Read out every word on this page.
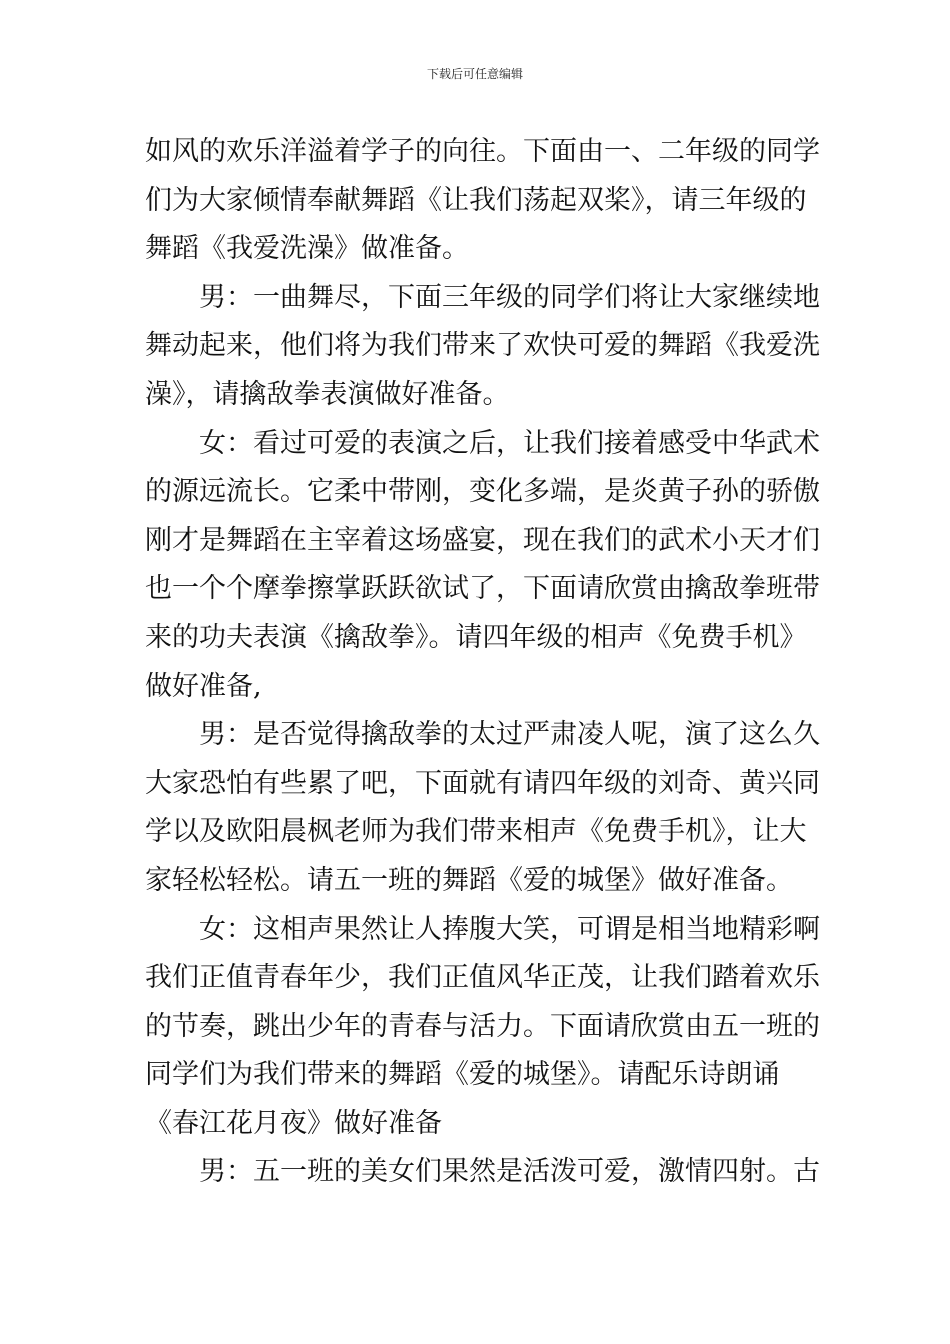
下载后可任意编辑
如风的欢乐洋溢着学子的向往。下面由一、二年级的同学
们为大家倾情奉献舞蹈《让我们荡起双桨》，请三年级的
舞蹈《我爱洗澡》做准备。
男：一曲舞尽，下面三年级的同学们将让大家继续地
舞动起来，他们将为我们带来了欢快可爱的舞蹈《我爱洗
澡》，请擒敌拳表演做好准备。
女：看过可爱的表演之后，让我们接着感受中华武术
的源远流长。它柔中带刚，变化多端，是炎黄子孙的骄傲
刚才是舞蹈在主宰着这场盛宴，现在我们的武术小天才们
也一个个摩拳擦掌跃跃欲试了，下面请欣赏由擒敌拳班带
来的功夫表演《擒敌拳》。请四年级的相声《免费手机》
做好准备,
男：是否觉得擒敌拳的太过严肃凌人呢，演了这么久
大家恐怕有些累了吧，下面就有请四年级的刘奇、黄兴同
学以及欧阳晨枫老师为我们带来相声《免费手机》，让大
家轻松轻松。请五一班的舞蹈《爱的城堡》做好准备。
女：这相声果然让人捧腹大笑，可谓是相当地精彩啊
我们正值青春年少，我们正值风华正茂，让我们踏着欢乐
的节奏，跳出少年的青春与活力。下面请欣赏由五一班的
同学们为我们带来的舞蹈《爱的城堡》。请配乐诗朗诵
《春江花月夜》做好准备
男：五一班的美女们果然是活泼可爱，激情四射。古
